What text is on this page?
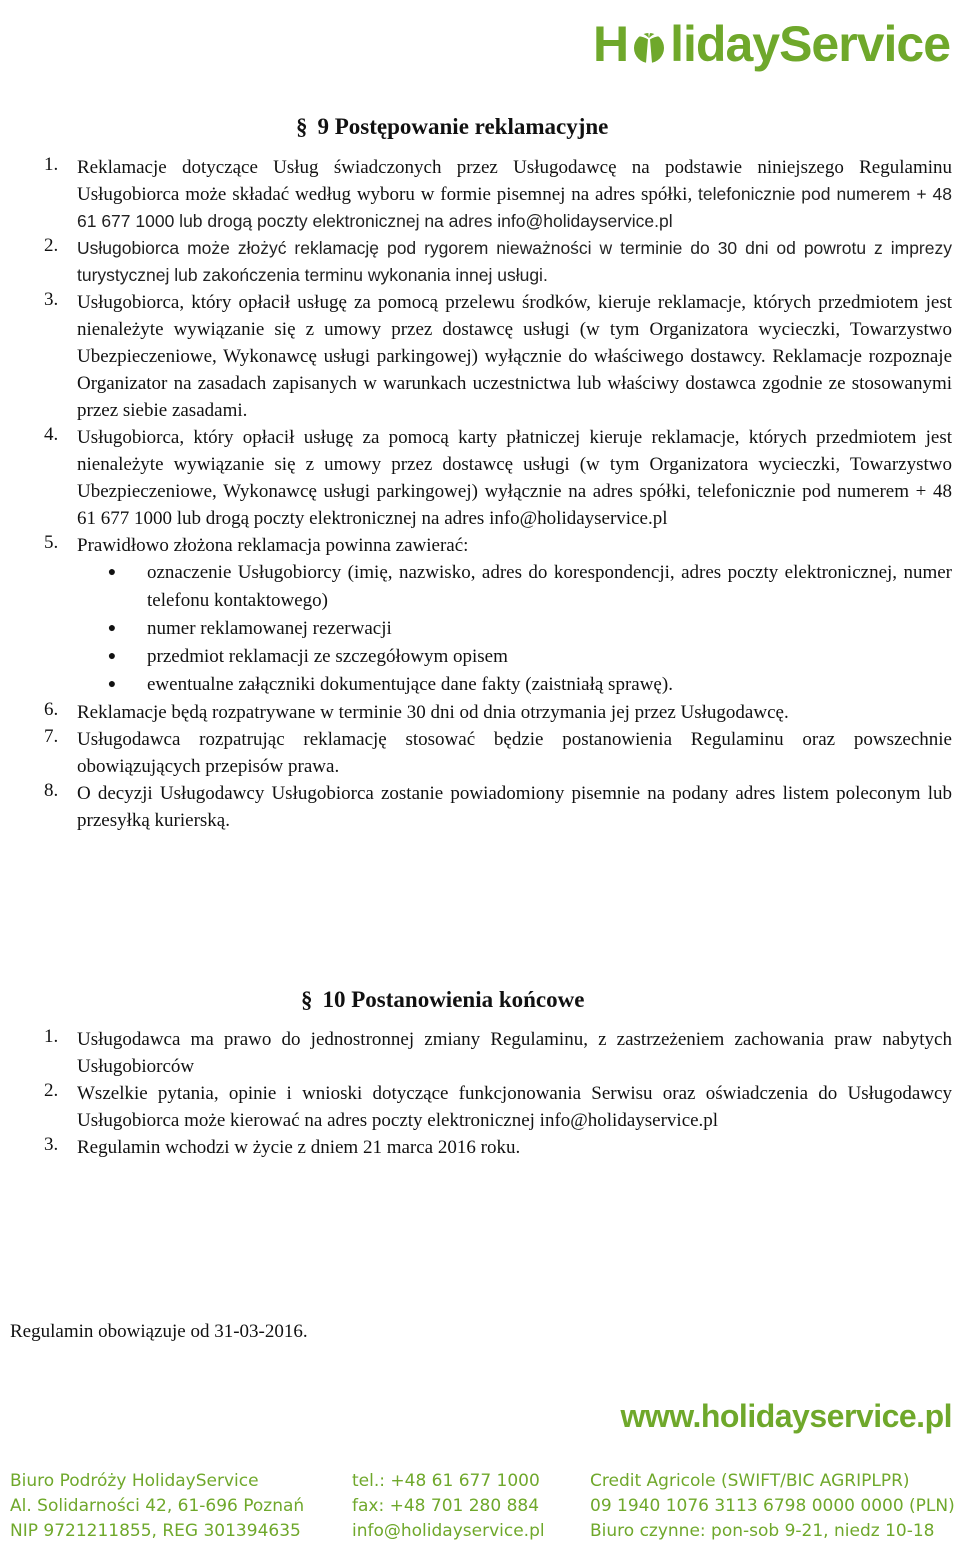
H lidayService
§ 9 Postępowanie reklamacyjne
1. Reklamacje dotyczące Usług świadczonych przez Usługodawcę na podstawie niniejszego Regulaminu Usługobiorca może składać według wyboru w formie pisemnej na adres spółki, telefonicznie pod numerem + 48 61 677 1000 lub drogą poczty elektronicznej na adres info@holidayservice.pl
2.	Usługobiorca może złożyć reklamację pod rygorem nieważności w terminie do 30 dni od powrotu z imprezy turystycznej lub zakończenia terminu wykonania innej usługi.
3. Usługobiorca, który opłacił usługę za pomocą przelewu środków, kieruje reklamacje, których przedmiotem jest nienależyte wywiązanie się z umowy przez dostawcę usługi (w tym Organizatora wycieczki, Towarzystwo Ubezpieczeniowe, Wykonawcę usługi parkingowej) wyłącznie do właściwego dostawcy. Reklamacje rozpoznaje Organizator na zasadach zapisanych w warunkach uczestnictwa lub właściwy dostawca zgodnie ze stosowanymi przez siebie zasadami.
4. Usługobiorca, który opłacił usługę za pomocą karty płatniczej kieruje reklamacje, których przedmiotem jest nienależyte wywiązanie się z umowy przez dostawcę usługi (w tym Organizatora wycieczki, Towarzystwo Ubezpieczeniowe, Wykonawcę usługi parkingowej) wyłącznie na adres spółki, telefonicznie pod numerem + 48 61 677 1000 lub drogą poczty elektronicznej na adres info@holidayservice.pl
5. Prawidłowo złożona reklamacja powinna zawierać:
●	oznaczenie Usługobiorcy (imię, nazwisko, adres do korespondencji, adres poczty elektronicznej, numer telefonu kontaktowego)
●	numer reklamowanej rezerwacji
●	przedmiot reklamacji ze szczegółowym opisem
●	ewentualne załączniki dokumentujące dane fakty (zaistniałą sprawę).
6. Reklamacje będą rozpatrywane w terminie 30 dni od dnia otrzymania jej przez Usługodawcę.
7. Usługodawca rozpatrując reklamację stosować będzie postanowienia Regulaminu oraz powszechnie obowiązujących przepisów prawa.
8. O decyzji Usługodawcy Usługobiorca zostanie powiadomiony pisemnie na podany adres listem poleconym lub przesyłką kurierską.
§ 10 Postanowienia końcowe
1. Usługodawca ma prawo do jednostronnej zmiany Regulaminu, z zastrzeżeniem zachowania praw nabytych Usługobiorców
2. Wszelkie pytania, opinie i wnioski dotyczące funkcjonowania Serwisu oraz oświadczenia do Usługodawcy Usługobiorca może kierować na adres poczty elektronicznej info@holidayservice.pl
3. Regulamin wchodzi w życie z dniem 21 marca 2016 roku.
Regulamin obowiązuje od 31-03-2016.
www.holidayservice.pl
Biuro Podróży HolidayService
Al. Solidarności 42, 61-696 Poznań
NIP 9721211855, REG 301394635
tel.: +48 61 677 1000
fax: +48 701 280 884
info@holidayservice.pl
Credit Agricole (SWIFT/BIC AGRIPLPR)
09 1940 1076 3113 6798 0000 0000 (PLN)
Biuro czynne: pon-sob 9-21, niedz 10-18
